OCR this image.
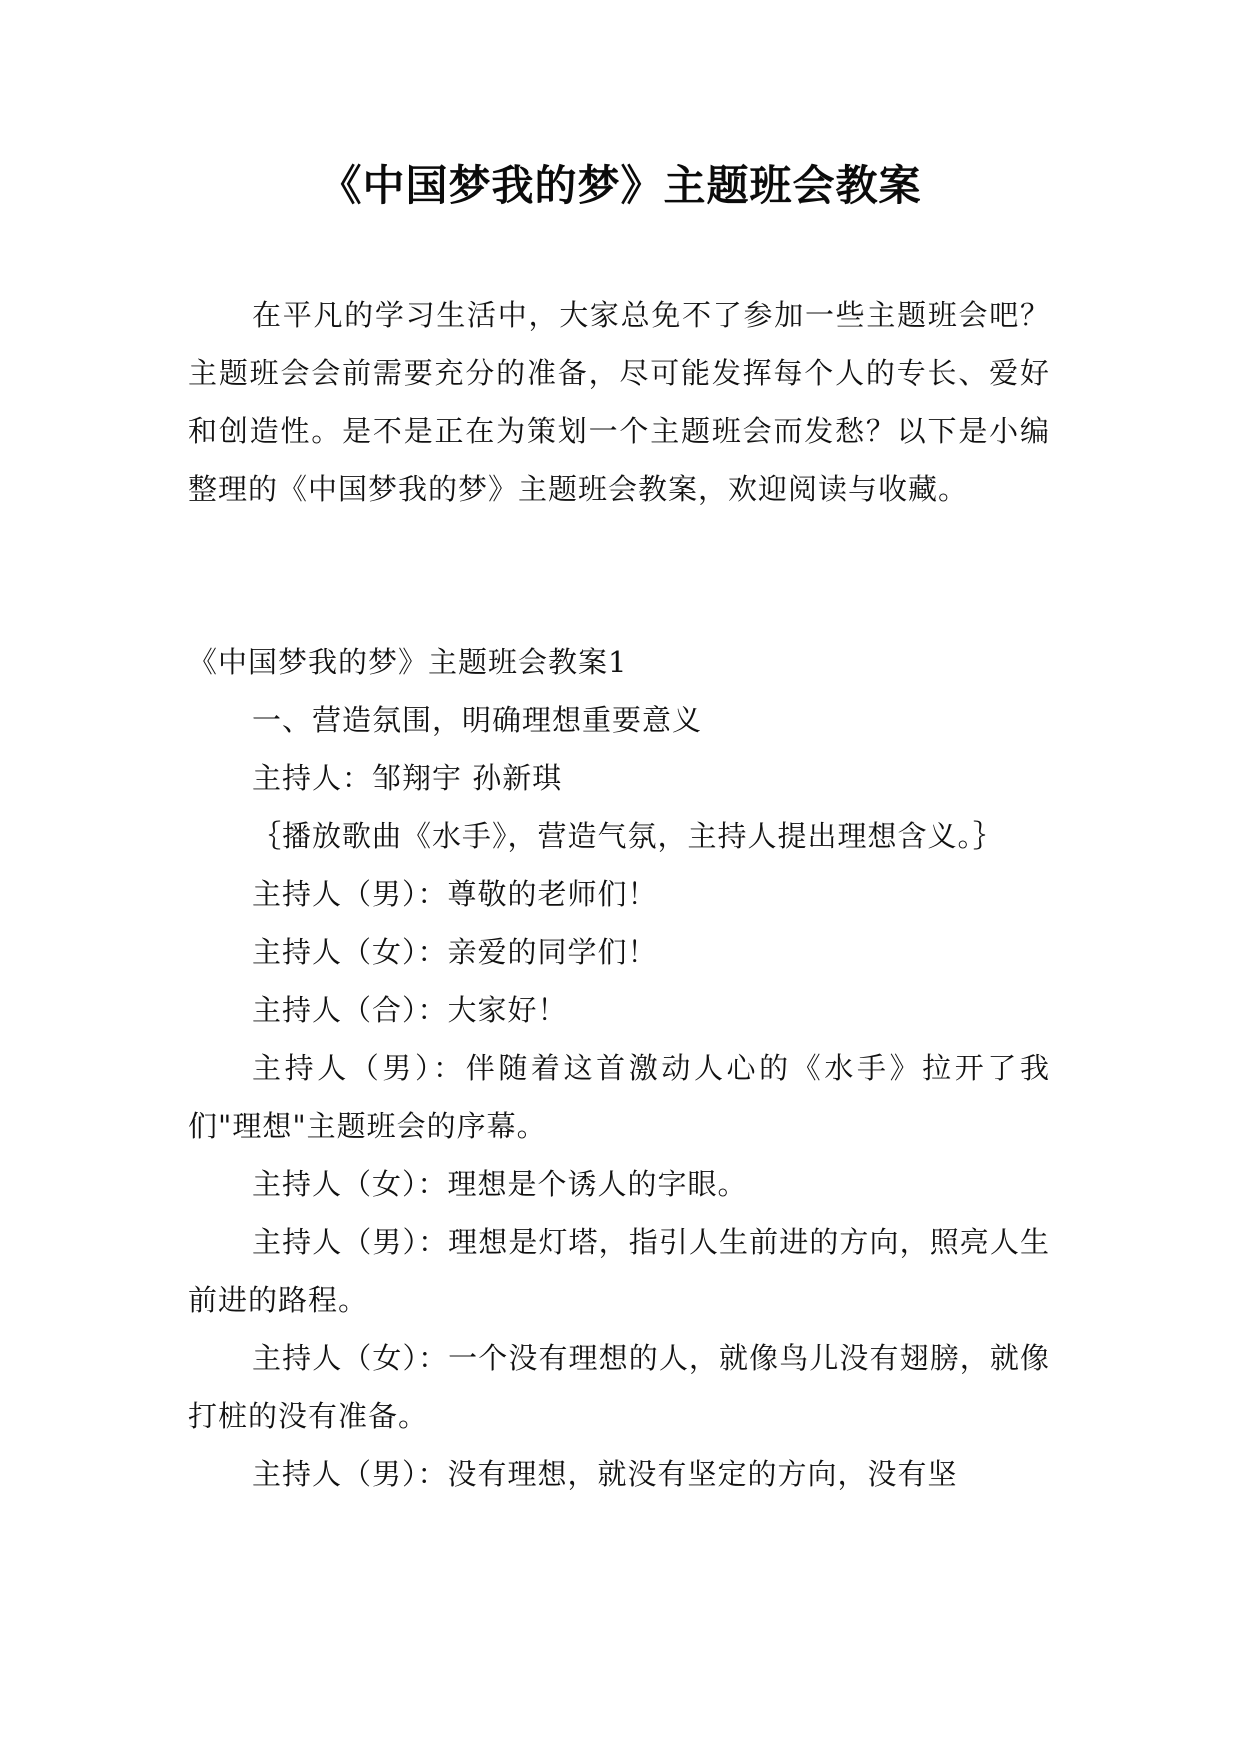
《中国梦我的梦》主题班会教案

在平凡的学习生活中，大家总免不了参加一些主题班会吧？主题班会会前需要充分的准备，尽可能发挥每个人的专长、爱好和创造性。是不是正在为策划一个主题班会而发愁？以下是小编整理的《中国梦我的梦》主题班会教案，欢迎阅读与收藏。

《中国梦我的梦》主题班会教案1

一、营造氛围，明确理想重要意义

主持人：邹翔宇 孙新琪

｛播放歌曲《水手》，营造气氛，主持人提出理想含义。｝

主持人（男）：尊敬的老师们！

主持人（女）：亲爱的同学们！

主持人（合）：大家好！

主持人（男）：伴随着这首激动人心的《水手》拉开了我们"理想"主题班会的序幕。

主持人（女）：理想是个诱人的字眼。

主持人（男）：理想是灯塔，指引人生前进的方向，照亮人生前进的路程。

主持人（女）：一个没有理想的人，就像鸟儿没有翅膀，就像打桩的没有准备。

主持人（男）：没有理想，就没有坚定的方向，没有坚
